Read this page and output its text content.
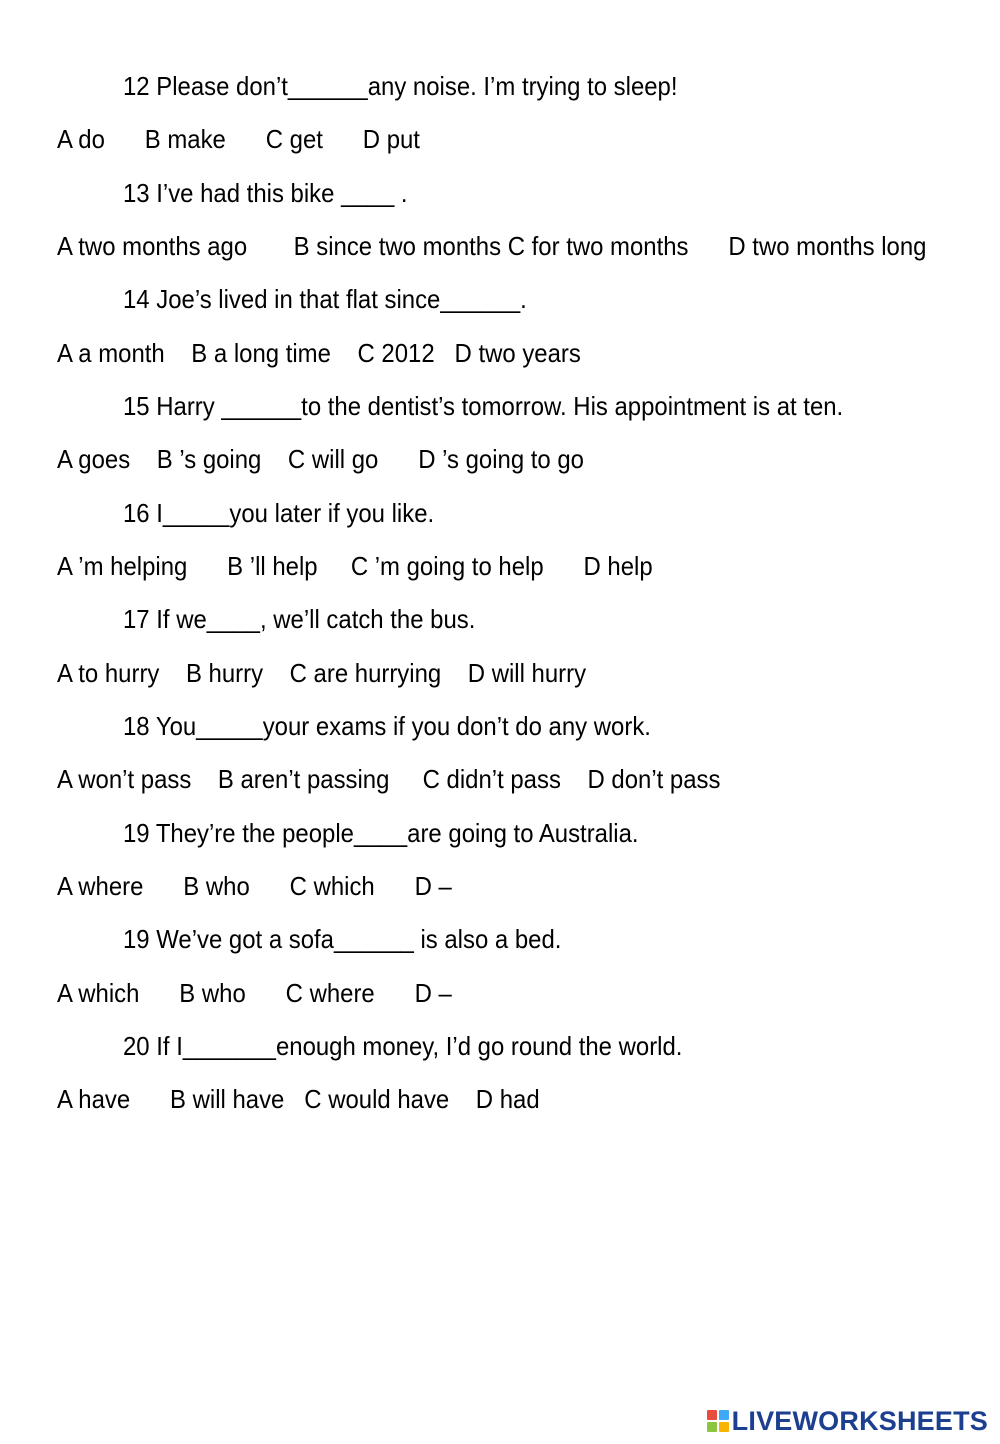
12 Please don’t______any noise. I’m trying to sleep!
A do      B make      C get      D put
13 I’ve had this bike ____ .
A two months ago       B since two months C for two months      D two months long
14 Joe’s lived in that flat since______.
A a month    B a long time    C 2012   D two years
15 Harry ______to the dentist’s tomorrow. His appointment is at ten.
A goes    B ’s going    C will go      D ’s going to go
16 I_____you later if you like.
A ’m helping      B ’ll help     C ’m going to help      D help
17 If we____, we’ll catch the bus.
A to hurry    B hurry    C are hurrying    D will hurry
18 You_____your exams if you don’t do any work.
A won’t pass    B aren’t passing     C didn’t pass    D don’t pass
19 They’re the people____are going to Australia.
A where      B who      C which      D –
19 We’ve got a sofa______ is also a bed.
A which      B who      C where      D –
20 If I_______enough money, I’d go round the world.
A have      B will have   C would have    D had
LIVEWORKSHEETS
